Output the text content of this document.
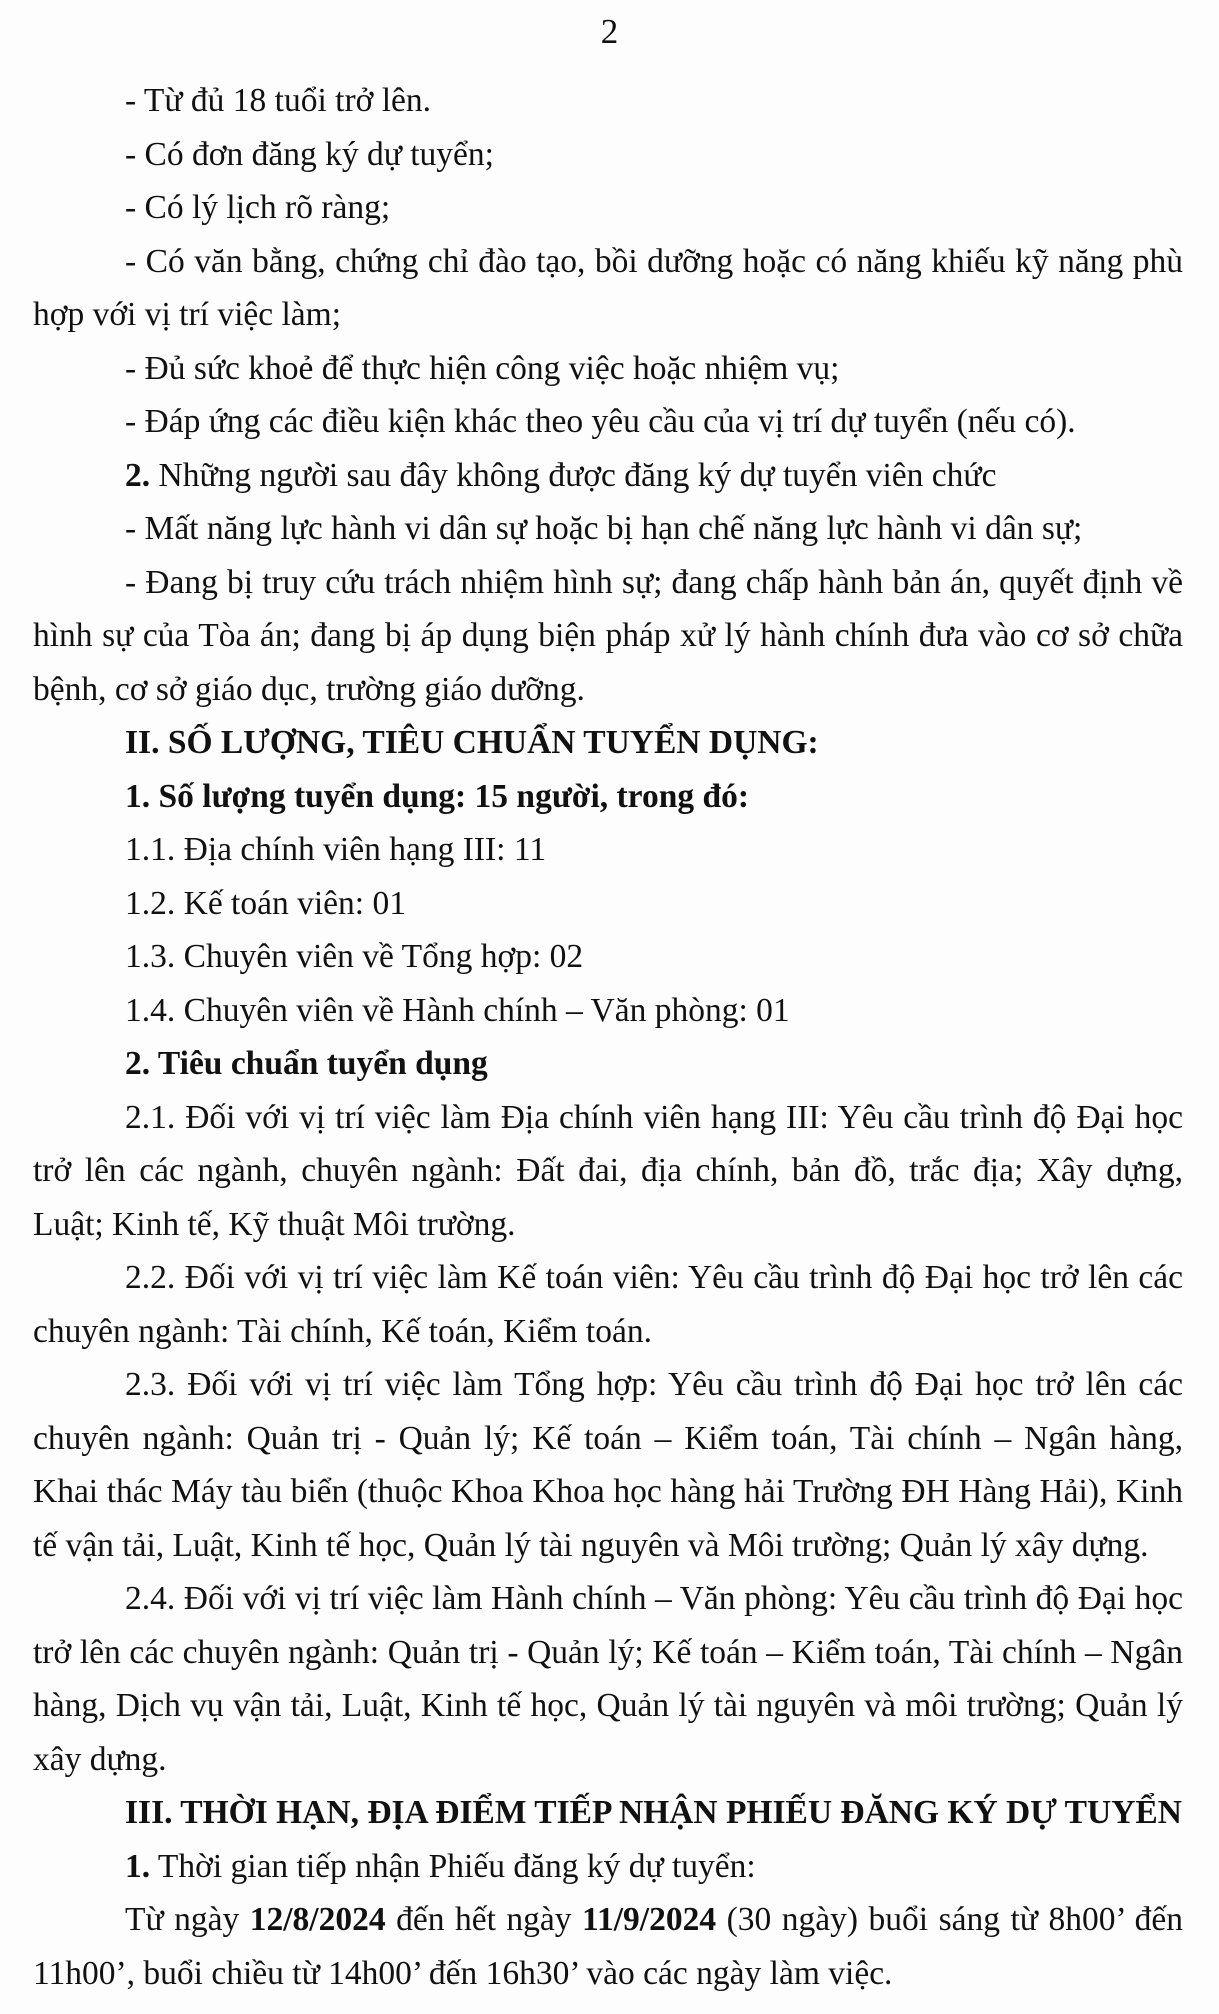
2

- Từ đủ 18 tuổi trở lên.

- Có đơn đăng ký dự tuyển;

- Có lý lịch rõ ràng;

- Có văn bằng, chứng chỉ đào tạo, bồi dưỡng hoặc có năng khiếu kỹ năng phù hợp với vị trí việc làm;

- Đủ sức khoẻ để thực hiện công việc hoặc nhiệm vụ;

- Đáp ứng các điều kiện khác theo yêu cầu của vị trí dự tuyển (nếu có).

2. Những người sau đây không được đăng ký dự tuyển viên chức

- Mất năng lực hành vi dân sự hoặc bị hạn chế năng lực hành vi dân sự;

- Đang bị truy cứu trách nhiệm hình sự; đang chấp hành bản án, quyết định về hình sự của Tòa án; đang bị áp dụng biện pháp xử lý hành chính đưa vào cơ sở chữa bệnh, cơ sở giáo dục, trường giáo dưỡng.

II. SỐ LƯỢNG, TIÊU CHUẨN TUYỂN DỤNG:

1. Số lượng tuyển dụng: 15 người, trong đó:

1.1. Địa chính viên hạng III: 11

1.2. Kế toán viên: 01

1.3. Chuyên viên về Tổng hợp: 02

1.4. Chuyên viên về Hành chính – Văn phòng: 01

2. Tiêu chuẩn tuyển dụng

2.1. Đối với vị trí việc làm Địa chính viên hạng III: Yêu cầu trình độ Đại học trở lên các ngành, chuyên ngành: Đất đai, địa chính, bản đồ, trắc địa; Xây dựng, Luật; Kinh tế, Kỹ thuật Môi trường.

2.2. Đối với vị trí việc làm Kế toán viên: Yêu cầu trình độ Đại học trở lên các chuyên ngành: Tài chính, Kế toán, Kiểm toán.

2.3. Đối với vị trí việc làm Tổng hợp: Yêu cầu trình độ Đại học trở lên các chuyên ngành: Quản trị - Quản lý; Kế toán – Kiểm toán, Tài chính – Ngân hàng, Khai thác Máy tàu biển (thuộc Khoa Khoa học hàng hải Trường ĐH Hàng Hải), Kinh tế vận tải, Luật, Kinh tế học, Quản lý tài nguyên và Môi trường; Quản lý xây dựng.

2.4. Đối với vị trí việc làm Hành chính – Văn phòng: Yêu cầu trình độ Đại học trở lên các chuyên ngành: Quản trị - Quản lý; Kế toán – Kiểm toán, Tài chính – Ngân hàng, Dịch vụ vận tải, Luật, Kinh tế học, Quản lý tài nguyên và môi trường; Quản lý xây dựng.

III. THỜI HẠN, ĐỊA ĐIỂM TIẾP NHẬN PHIẾU ĐĂNG KÝ DỰ TUYỂN

1. Thời gian tiếp nhận Phiếu đăng ký dự tuyển:

Từ ngày 12/8/2024 đến hết ngày 11/9/2024 (30 ngày) buổi sáng từ 8h00’ đến 11h00’, buổi chiều từ 14h00’ đến 16h30’ vào các ngày làm việc.
